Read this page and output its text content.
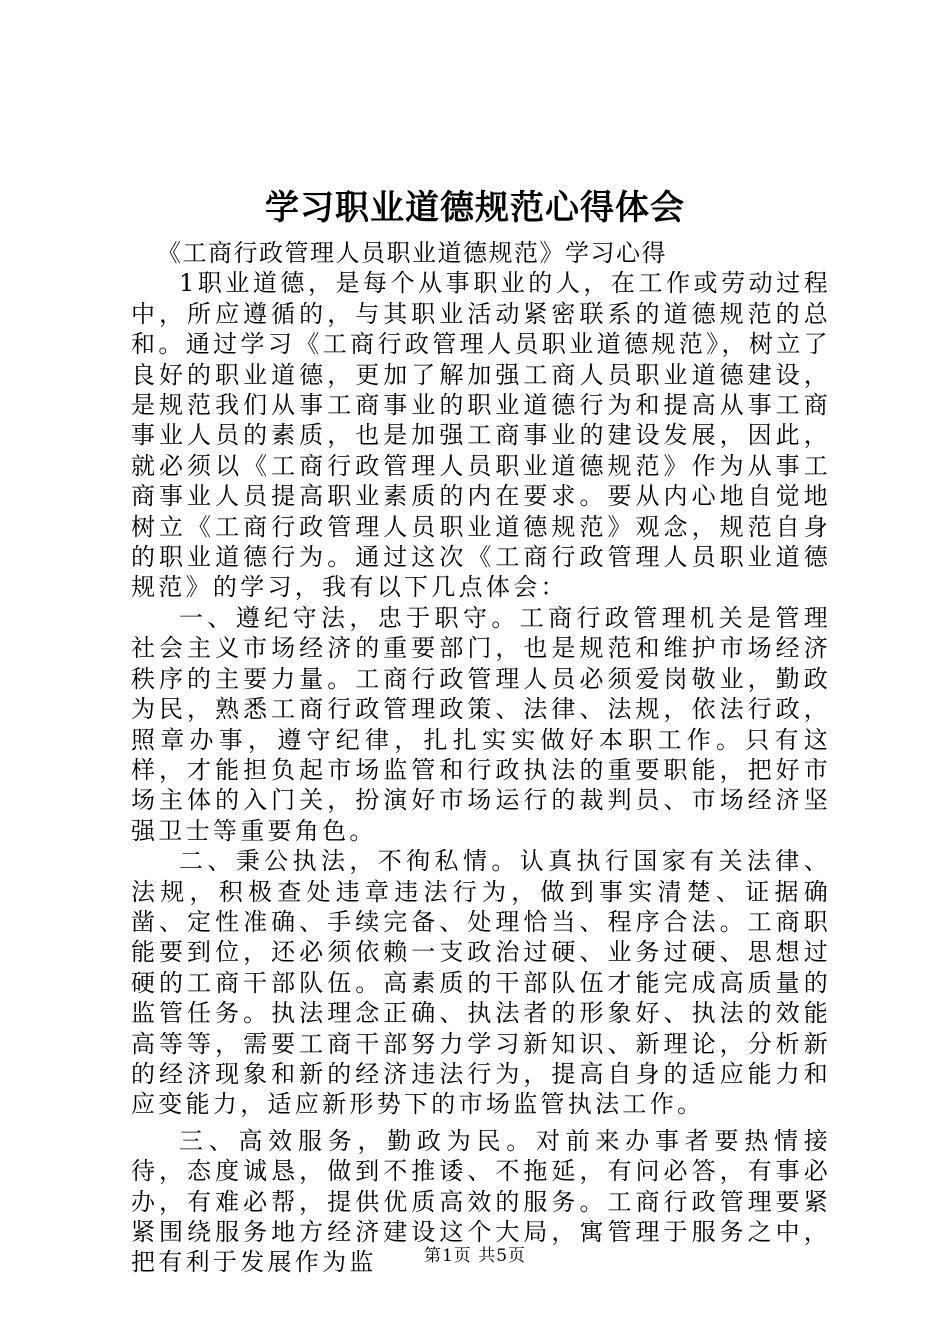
学习职业道德规范心得体会

《工商行政管理人员职业道德规范》学习心得

1职业道德，是每个从事职业的人，在工作或劳动过程中，所应遵循的，与其职业活动紧密联系的道德规范的总和。通过学习《工商行政管理人员职业道德规范》，树立了良好的职业道德，更加了解加强工商人员职业道德建设，是规范我们从事工商事业的职业道德行为和提高从事工商事业人员的素质，也是加强工商事业的建设发展，因此，就必须以《工商行政管理人员职业道德规范》作为从事工商事业人员提高职业素质的内在要求。要从内心地自觉地树立《工商行政管理人员职业道德规范》观念，规范自身的职业道德行为。通过这次《工商行政管理人员职业道德规范》的学习，我有以下几点体会：

一、遵纪守法，忠于职守。工商行政管理机关是管理社会主义市场经济的重要部门，也是规范和维护市场经济秩序的主要力量。工商行政管理人员必须爱岗敬业，勤政为民，熟悉工商行政管理政策、法律、法规，依法行政，照章办事，遵守纪律，扎扎实实做好本职工作。只有这样，才能担负起市场监管和行政执法的重要职能，把好市场主体的入门关，扮演好市场运行的裁判员、市场经济坚强卫士等重要角色。

二、秉公执法，不徇私情。认真执行国家有关法律、法规，积极查处违章违法行为，做到事实清楚、证据确凿、定性准确、手续完备、处理恰当、程序合法。工商职能要到位，还必须依赖一支政治过硬、业务过硬、思想过硬的工商干部队伍。高素质的干部队伍才能完成高质量的监管任务。执法理念正确、执法者的形象好、执法的效能高等等，需要工商干部努力学习新知识、新理论，分析新的经济现象和新的经济违法行为，提高自身的适应能力和应变能力，适应新形势下的市场监管执法工作。

三、高效服务，勤政为民。对前来办事者要热情接待，态度诚恳，做到不推诿、不拖延，有问必答，有事必办，有难必帮，提供优质高效的服务。工商行政管理要紧紧围绕服务地方经济建设这个大局，寓管理于服务之中，把有利于发展作为监	第1页 共5页
